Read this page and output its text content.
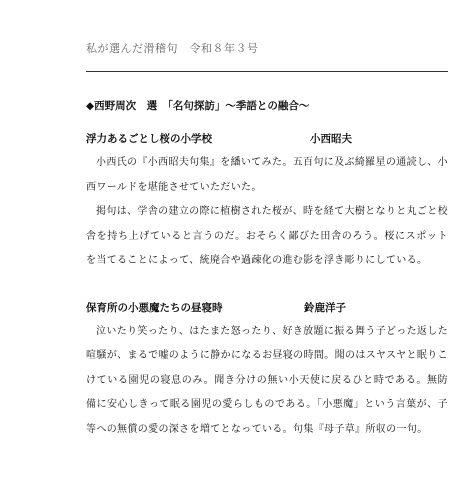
私が選んだ滑稽句　令和８年３号
◆西野周次　選　「名句探訪」〜季語との融合〜
浮力あるごとし桜の小学校	小西昭夫

小西氏の『小西昭夫句集』を繙いてみた。五百句に及ぶ綺羅星の通読し、小西ワールドを堪能させていただいた。

掲句は、学舎の建立の際に植樹された桜が、時を経て大樹となりと丸ごと校舎を持ち上げていると言うのだ。おそらく鄙びた田舎のろう。桜にスポットを当てることによって、統廃合や過疎化の進む影を浮き彫りにしている。

保育所の小悪魔たちの昼寝時	鈴鹿洋子

泣いたり笑ったり、はたまた怒ったり、好き放題に振る舞う子どった返した喧騒が、まるで嘘のように静かになるお昼寝の時間。聞のはスヤスヤと眠りこけている園児の寝息のみ。聞き分けの無い小天使に戻るひと時である。無防備に安心しきって眠る園児の愛らしものである。「小悪魔」という言葉が、子等への無償の愛の深さを増てとなっている。句集『母子草』所収の一句。
